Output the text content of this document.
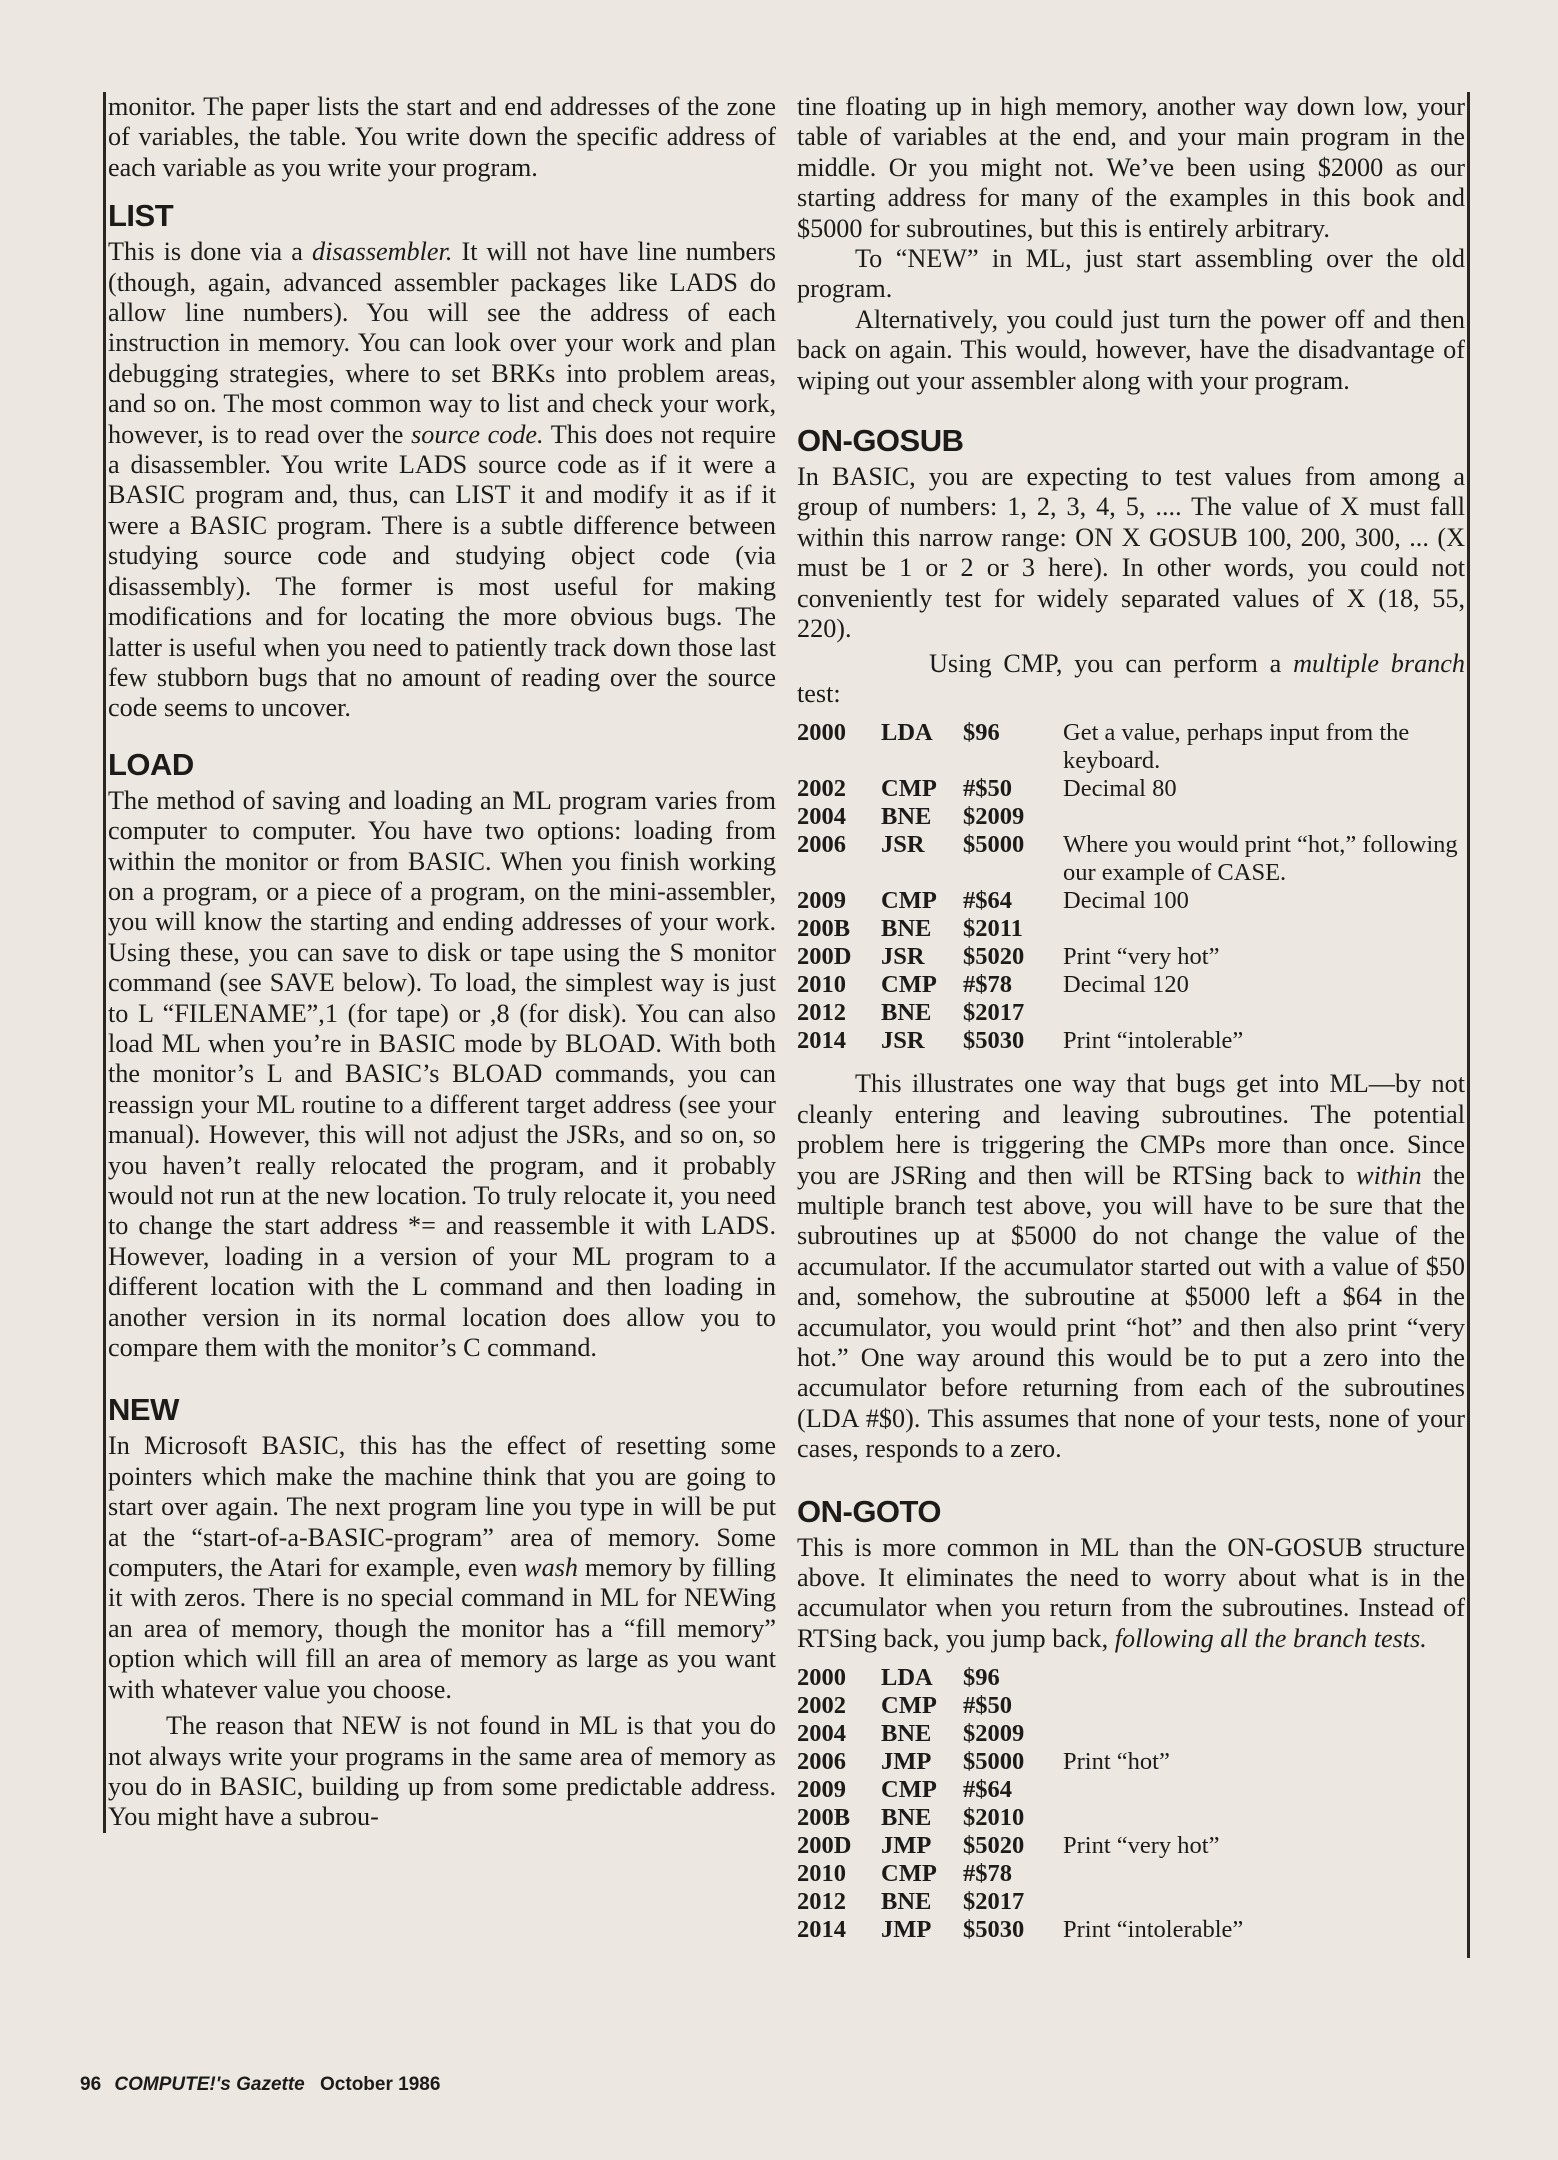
monitor. The paper lists the start and end addresses of the zone of variables, the table. You write down the specific address of each variable as you write your program.

LIST

This is done via a disassembler. It will not have line numbers (though, again, advanced assembler packages like LADS do allow line numbers). You will see the address of each instruction in memory. You can look over your work and plan debugging strategies, where to set BRKs into problem areas, and so on. The most common way to list and check your work, however, is to read over the source code. This does not require a disassembler. You write LADS source code as if it were a BASIC program and, thus, can LIST it and modify it as if it were a BASIC program. There is a subtle difference between studying source code and studying object code (via disassembly). The former is most useful for making modifications and for locating the more obvious bugs. The latter is useful when you need to patiently track down those last few stubborn bugs that no amount of reading over the source code seems to uncover.

LOAD

The method of saving and loading an ML program varies from computer to computer. You have two options: loading from within the monitor or from BASIC. When you finish working on a program, or a piece of a program, on the mini-assembler, you will know the starting and ending addresses of your work. Using these, you can save to disk or tape using the S monitor command (see SAVE below). To load, the simplest way is just to L “FILENAME”,1 (for tape) or ,8 (for disk). You can also load ML when you’re in BASIC mode by BLOAD. With both the monitor’s L and BASIC’s BLOAD commands, you can reassign your ML routine to a different target address (see your manual). However, this will not adjust the JSRs, and so on, so you haven’t really relocated the program, and it probably would not run at the new location. To truly relocate it, you need to change the start address *= and reassemble it with LADS. However, loading in a version of your ML program to a different location with the L command and then loading in another version in its normal location does allow you to compare them with the monitor’s C command.

NEW

In Microsoft BASIC, this has the effect of resetting some pointers which make the machine think that you are going to start over again. The next program line you type in will be put at the “start-of-a-BASIC-program” area of memory. Some computers, the Atari for example, even wash memory by filling it with zeros. There is no special command in ML for NEWing an area of memory, though the monitor has a “fill memory” option which will fill an area of memory as large as you want with whatever value you choose.

The reason that NEW is not found in ML is that you do not always write your programs in the same area of memory as you do in BASIC, building up from some predictable address. You might have a subrou-

tine floating up in high memory, another way down low, your table of variables at the end, and your main program in the middle. Or you might not. We’ve been using $2000 as our starting address for many of the examples in this book and $5000 for subroutines, but this is entirely arbitrary.

To “NEW” in ML, just start assembling over the old program.

Alternatively, you could just turn the power off and then back on again. This would, however, have the disadvantage of wiping out your assembler along with your program.

ON-GOSUB

In BASIC, you are expecting to test values from among a group of numbers: 1, 2, 3, 4, 5, .... The value of X must fall within this narrow range: ON X GOSUB 100, 200, 300, ... (X must be 1 or 2 or 3 here). In other words, you could not conveniently test for widely separated values of X (18, 55, 220).

Using CMP, you can perform a multiple branch test:

2000	LDA	$96	Get a value, perhaps input from the keyboard.
2002	CMP	#$50	Decimal 80
2004	BNE	$2009	
2006	JSR	$5000	Where you would print “hot,” following our example of CASE.
2009	CMP	#$64	Decimal 100
200B	BNE	$2011	
200D	JSR	$5020	Print “very hot”
2010	CMP	#$78	Decimal 120
2012	BNE	$2017	
2014	JSR	$5030	Print “intolerable”

This illustrates one way that bugs get into ML—by not cleanly entering and leaving subroutines. The potential problem here is triggering the CMPs more than once. Since you are JSRing and then will be RTSing back to within the multiple branch test above, you will have to be sure that the subroutines up at $5000 do not change the value of the accumulator. If the accumulator started out with a value of $50 and, somehow, the subroutine at $5000 left a $64 in the accumulator, you would print “hot” and then also print “very hot.” One way around this would be to put a zero into the accumulator before returning from each of the subroutines (LDA #$0). This assumes that none of your tests, none of your cases, responds to a zero.

ON-GOTO

This is more common in ML than the ON-GOSUB structure above. It eliminates the need to worry about what is in the accumulator when you return from the subroutines. Instead of RTSing back, you jump back, following all the branch tests.

2000	LDA	$96	
2002	CMP	#$50	
2004	BNE	$2009	
2006	JMP	$5000	Print “hot”
2009	CMP	#$64	
200B	BNE	$2010	
200D	JMP	$5020	Print “very hot”
2010	CMP	#$78	
2012	BNE	$2017	
2014	JMP	$5030	Print “intolerable”
96 COMPUTE!'s Gazette October 1986
